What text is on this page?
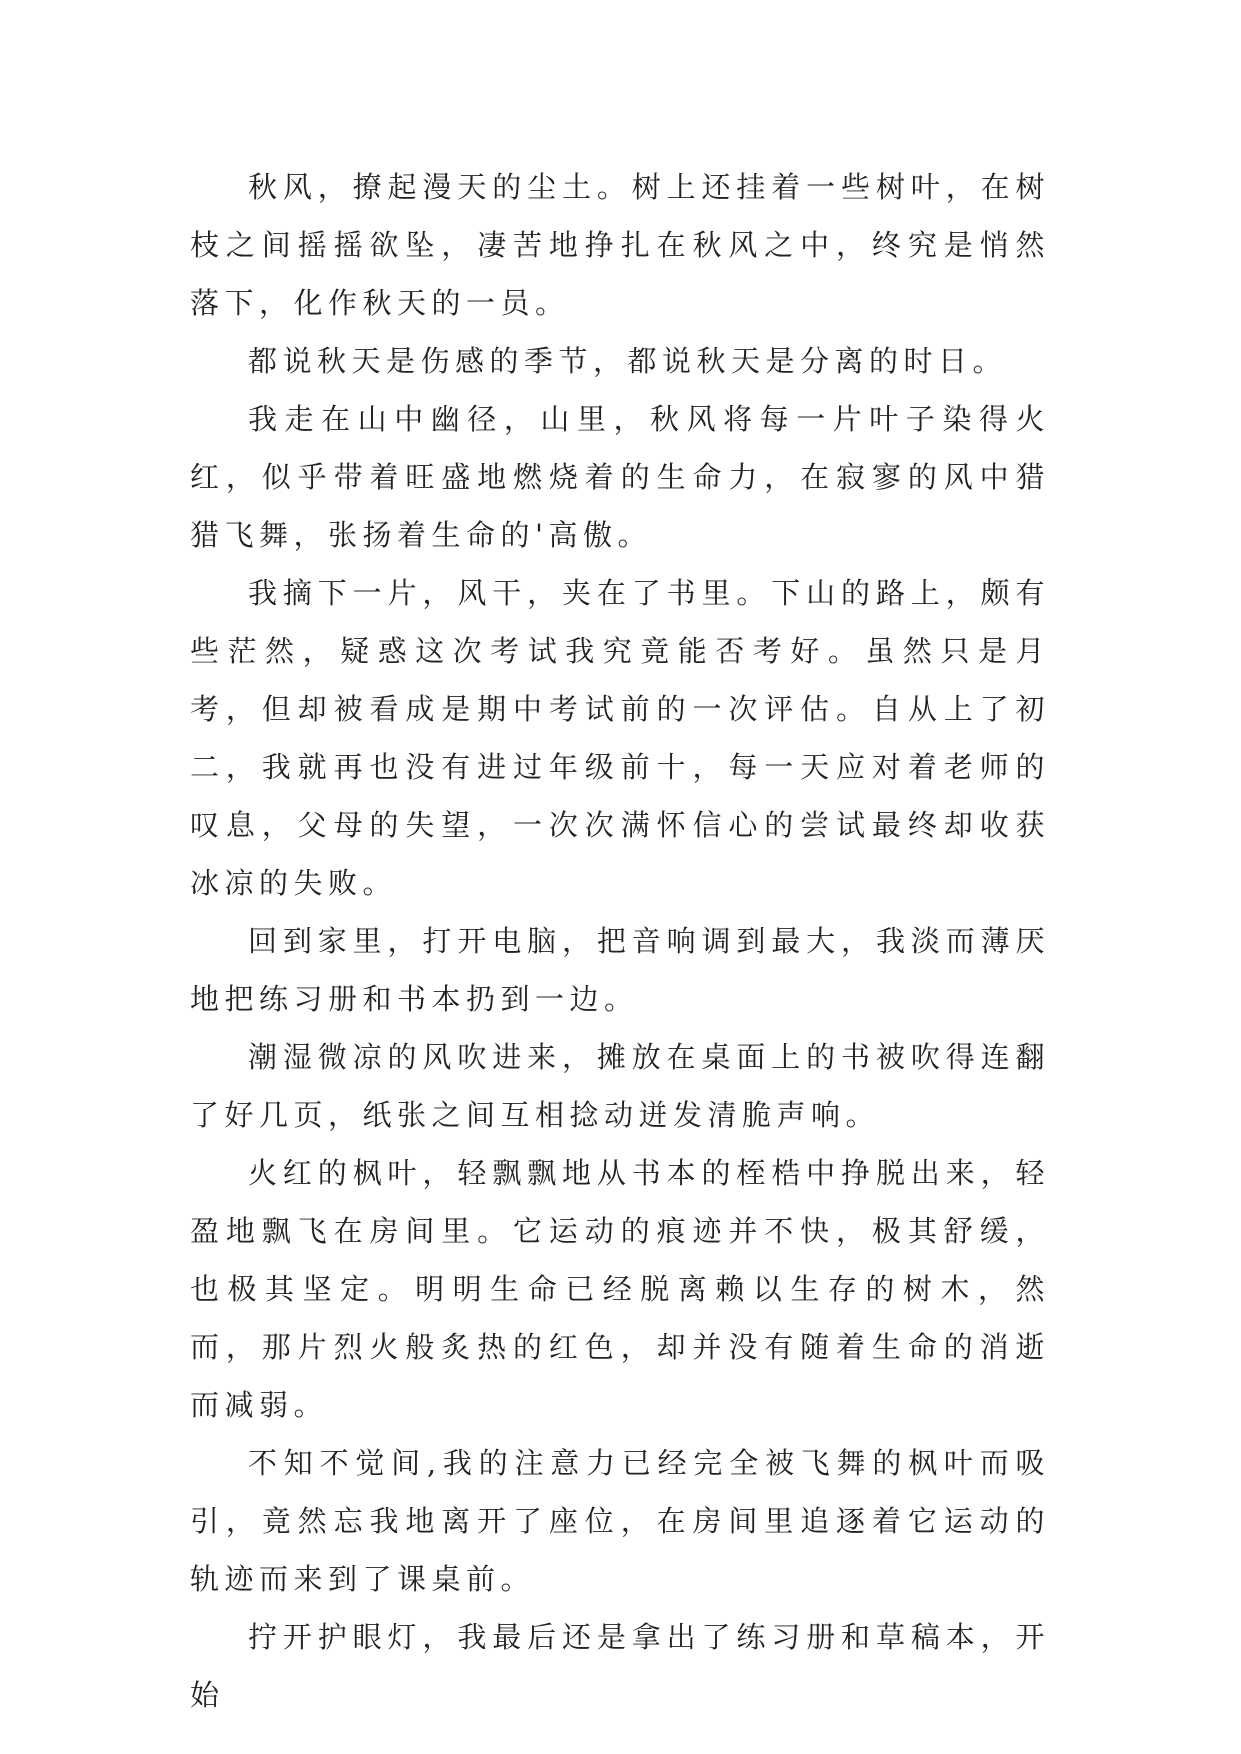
秋风，撩起漫天的尘土。树上还挂着一些树叶，在树枝之间摇摇欲坠，凄苦地挣扎在秋风之中，终究是悄然落下，化作秋天的一员。

都说秋天是伤感的季节，都说秋天是分离的时日。

我走在山中幽径，山里，秋风将每一片叶子染得火红，似乎带着旺盛地燃烧着的生命力，在寂寥的风中猎猎飞舞，张扬着生命的'高傲。

我摘下一片，风干，夹在了书里。下山的路上，颇有些茫然，疑惑这次考试我究竟能否考好。虽然只是月考，但却被看成是期中考试前的一次评估。自从上了初二，我就再也没有进过年级前十，每一天应对着老师的叹息，父母的失望，一次次满怀信心的尝试最终却收获冰凉的失败。

回到家里，打开电脑，把音响调到最大，我淡而薄厌地把练习册和书本扔到一边。

潮湿微凉的风吹进来，摊放在桌面上的书被吹得连翻了好几页，纸张之间互相捻动迸发清脆声响。

火红的枫叶，轻飘飘地从书本的桎梏中挣脱出来，轻盈地飘飞在房间里。它运动的痕迹并不快，极其舒缓，也极其坚定。明明生命已经脱离赖以生存的树木，然而，那片烈火般炙热的红色，却并没有随着生命的消逝而减弱。

不知不觉间,我的注意力已经完全被飞舞的枫叶而吸引，竟然忘我地离开了座位，在房间里追逐着它运动的轨迹而来到了课桌前。

拧开护眼灯，我最后还是拿出了练习册和草稿本，开始
